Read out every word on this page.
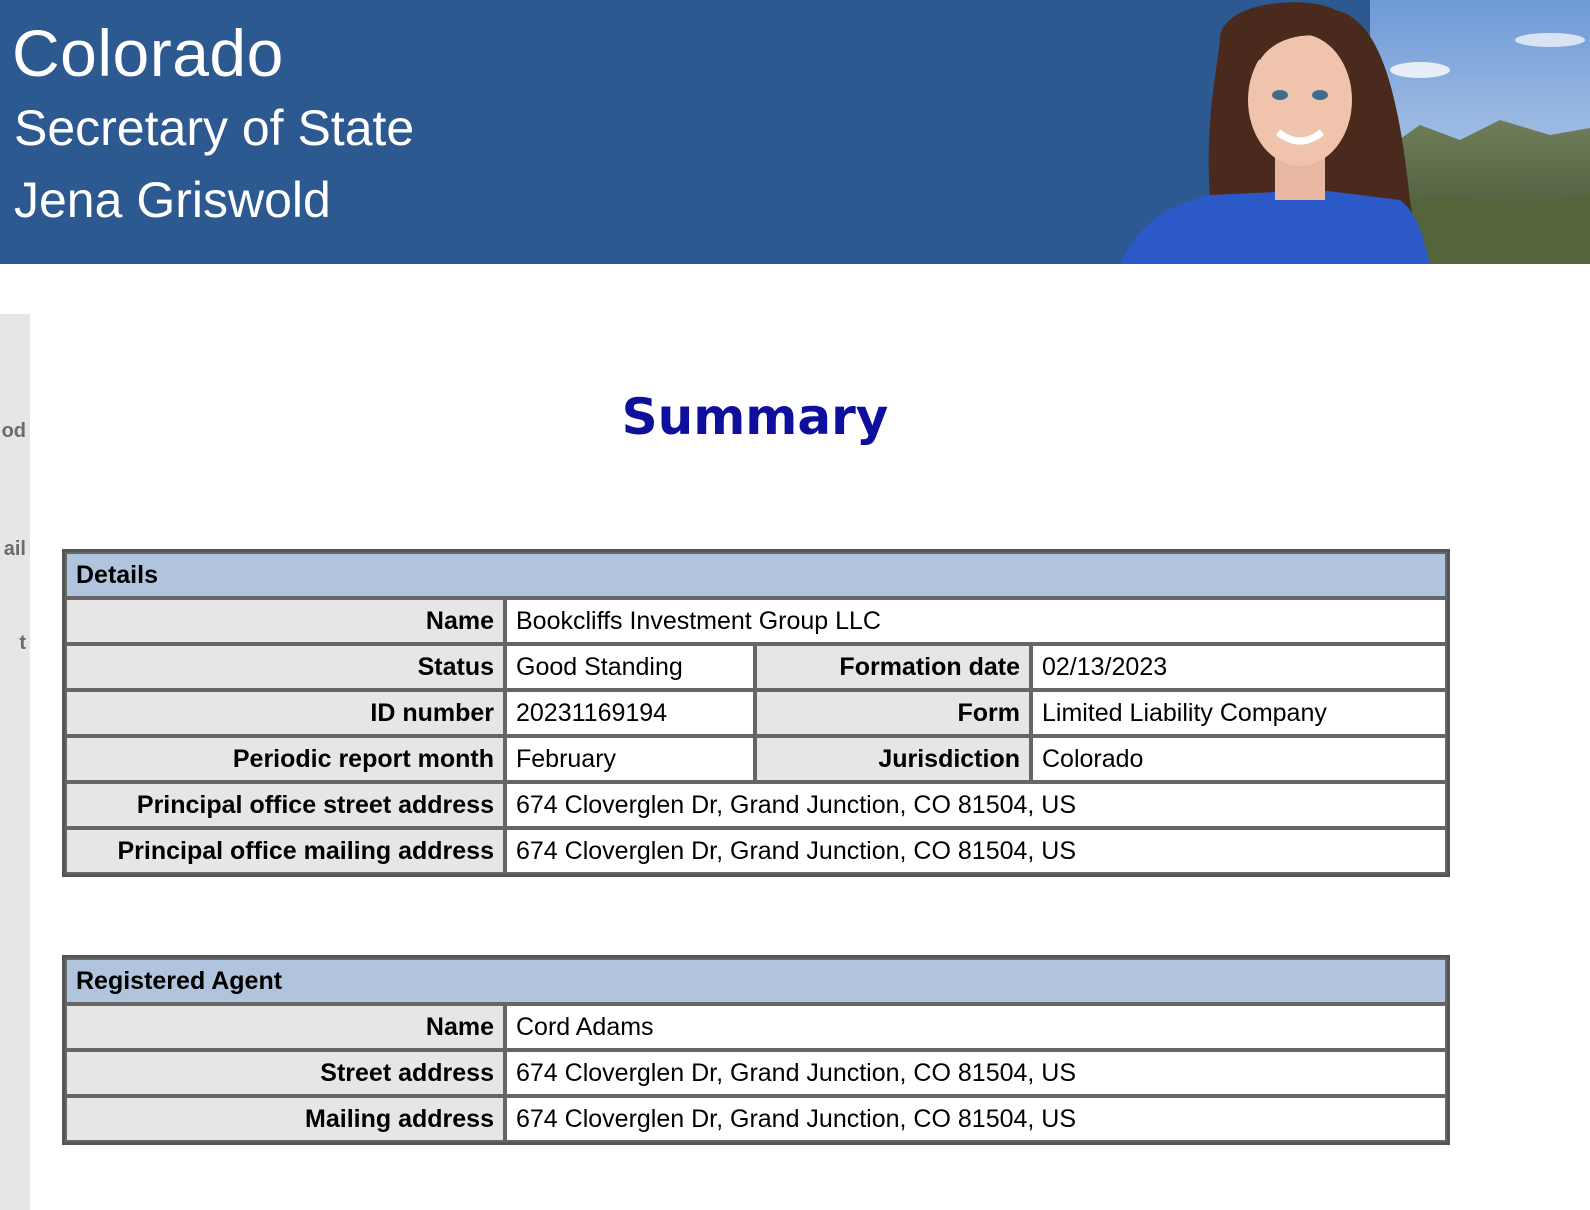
Colorado
Secretary of State
Jena Griswold
od
ail
t
Summary
Details			
Name	Bookcliffs Investment Group LLC		
Status	Good Standing	Formation date	02/13/2023
ID number	20231169194	Form	Limited Liability Company
Periodic report month	February	Jurisdiction	Colorado
Principal office street address	674 Cloverglen Dr, Grand Junction, CO 81504, US		
Principal office mailing address	674 Cloverglen Dr, Grand Junction, CO 81504, US		
Registered Agent	
Name	Cord Adams
Street address	674 Cloverglen Dr, Grand Junction, CO 81504, US
Mailing address	674 Cloverglen Dr, Grand Junction, CO 81504, US
